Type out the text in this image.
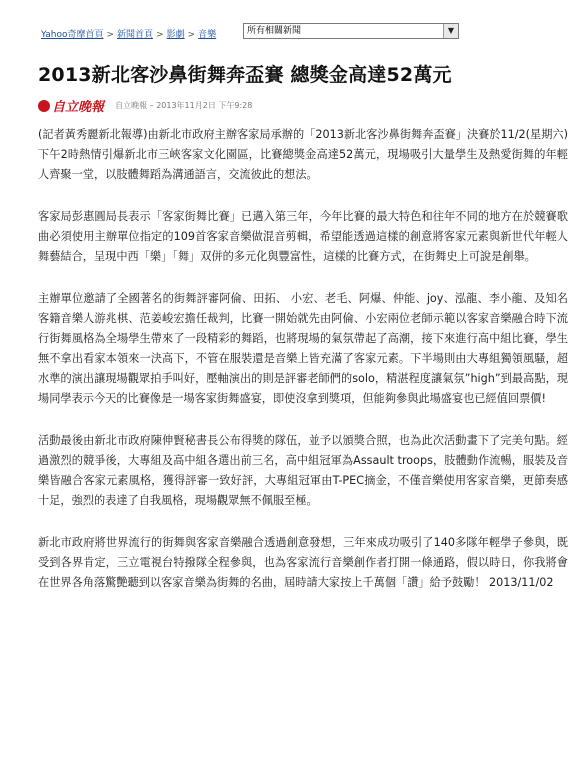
Yahoo奇摩首頁 > 新聞首頁 > 影劇 > 音樂	所有相關新聞	▼
2013新北客沙鼻街舞奔盃賽 總獎金高達52萬元
自立晚報 自立晚報 – 2013年11月2日 下午9:28

(記者黃秀麗新北報導)由新北市政府主辦客家局承辦的「2013新北客沙鼻街舞奔盃賽」決賽於11/2(星期六)下午2時熱情引爆新北市三峽客家文化園區，比賽總獎金高達52萬元，現場吸引大量學生及熱愛街舞的年輕人齊聚一堂，以肢體舞蹈為溝通語言，交流彼此的想法。

客家局彭惠圓局長表示「客家街舞比賽」已邁入第三年，今年比賽的最大特色和往年不同的地方在於競賽歌曲必須使用主辦單位指定的109首客家音樂做混音剪輯，希望能透過這樣的創意將客家元素與新世代年輕人舞藝結合，呈現中西「樂」「舞」双併的多元化與豐富性，這樣的比賽方式，在街舞史上可說是創舉。

主辦單位邀請了全國著名的街舞評審阿倫、田拓、 小宏、老毛、阿爆、仲能、joy、泓龍、李小龍、及知名客籍音樂人游兆棋、范姜峻宏擔任裁判，比賽一開始就先由阿倫、小宏兩位老師示範以客家音樂融合時下流行街舞風格為全場學生帶來了一段精彩的舞蹈，也將現場的氣氛帶起了高潮，接下來進行高中組比賽，學生無不拿出看家本領來一決高下，不管在服裝還是音樂上皆充滿了客家元素。下半場則由大專組獨領風騷，超水準的演出讓現場觀眾拍手叫好，壓軸演出的則是評審老師們的solo，精湛程度讓氣氛”high”到最高點，現場同學表示今天的比賽像是一場客家街舞盛宴，即使沒拿到獎項，但能夠參與此場盛宴也已經值回票價!

活動最後由新北市政府陳伸賢秘書長公布得獎的隊伍，並予以頒獎合照，也為此次活動畫下了完美句點。經過激烈的競爭後，大專組及高中組各選出前三名，高中組冠軍為Assault troops，肢體動作流暢，服裝及音樂皆融合客家元素風格，獲得評審一致好評，大專組冠軍由T-PEC摘金，不僅音樂使用客家音樂，更節奏感十足，強烈的表達了自我風格，現場觀眾無不佩服至極。

新北市政府將世界流行的街舞與客家音樂融合透過創意發想，三年來成功吸引了140多隊年輕學子參與，既受到各界肯定，三立電視台特撥隊全程參與，也為客家流行音樂創作者打開一條通路，假以時日，你我將會在世界各角落驚艷聽到以客家音樂為街舞的名曲，屆時請大家按上千萬個「讚」給予鼓勵！ 2013/11/02
